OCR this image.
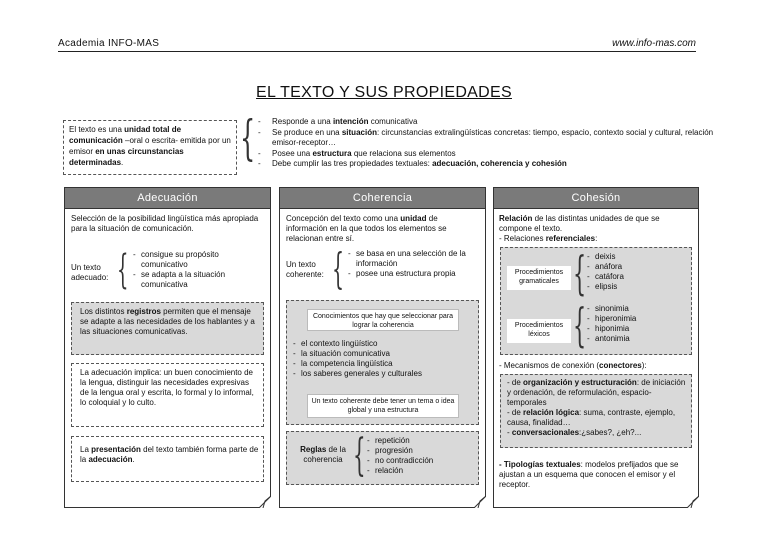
Academia INFO-MAS	www.info-mas.com
EL TEXTO Y SUS PROPIEDADES
El texto es una unidad total de comunicación –oral o escrita- emitida por un emisor en unas circunstancias determinadas.	{	- Responde a una intención comunicativa
- Se produce en una situación: circunstancias extralingüísticas concretas: tiempo, espacio, contexto social y cultural, relación emisor-receptor…
- Posee una estructura que relaciona sus elementos
- Debe cumplir las tres propiedades textuales: adecuación, coherencia y cohesión
Adecuación
Selección de la posibilidad lingüística más apropiada para la situación de comunicación.
Un texto adecuado: {	- consigue su propósito comunicativo
- se adapta a la situación comunicativa
Los distintos registros permiten que el mensaje se adapte a las necesidades de los hablantes y a las situaciones comunicativas.
La adecuación implica: un buen conocimiento de la lengua, distinguir las necesidades expresivas de la lengua oral y escrita, lo formal y lo informal, lo coloquial y lo culto.
La presentación del texto también forma parte de la adecuación.
Coherencia
Concepción del texto como una unidad de información en la que todos los elementos se relacionan entre sí.
Un texto coherente: {	- se basa en una selección de la información
- posee una estructura propia
Conocimientos que hay que seleccionar para lograr la coherencia
- el contexto lingüístico
- la situación comunicativa
- la competencia lingüística
- los saberes generales y culturales
Un texto coherente debe tener un tema o idea global y una estructura
Reglas de la coherencia {	- repetición
- progresión
- no contradicción
- relación
Cohesión
Relación de las distintas unidades de que se compone el texto.
- Relaciones referenciales:
Procedimientos gramaticales {	- deixis
- anáfora
- catáfora
- elipsis
Procedimientos léxicos {	- sinonimia
- hiperonimia
- hiponimia
- antonimia
- Mecanismos de conexión (conectores):
- de organización y estructuración: de iniciación y ordenación, de reformulación, espacio-temporales
- de relación lógica: suma, contraste, ejemplo, causa, finalidad…
- conversacionales:¿sabes?, ¿eh?...
- Tipologías textuales: modelos prefijados que se ajustan a un esquema que conocen el emisor y el receptor.
